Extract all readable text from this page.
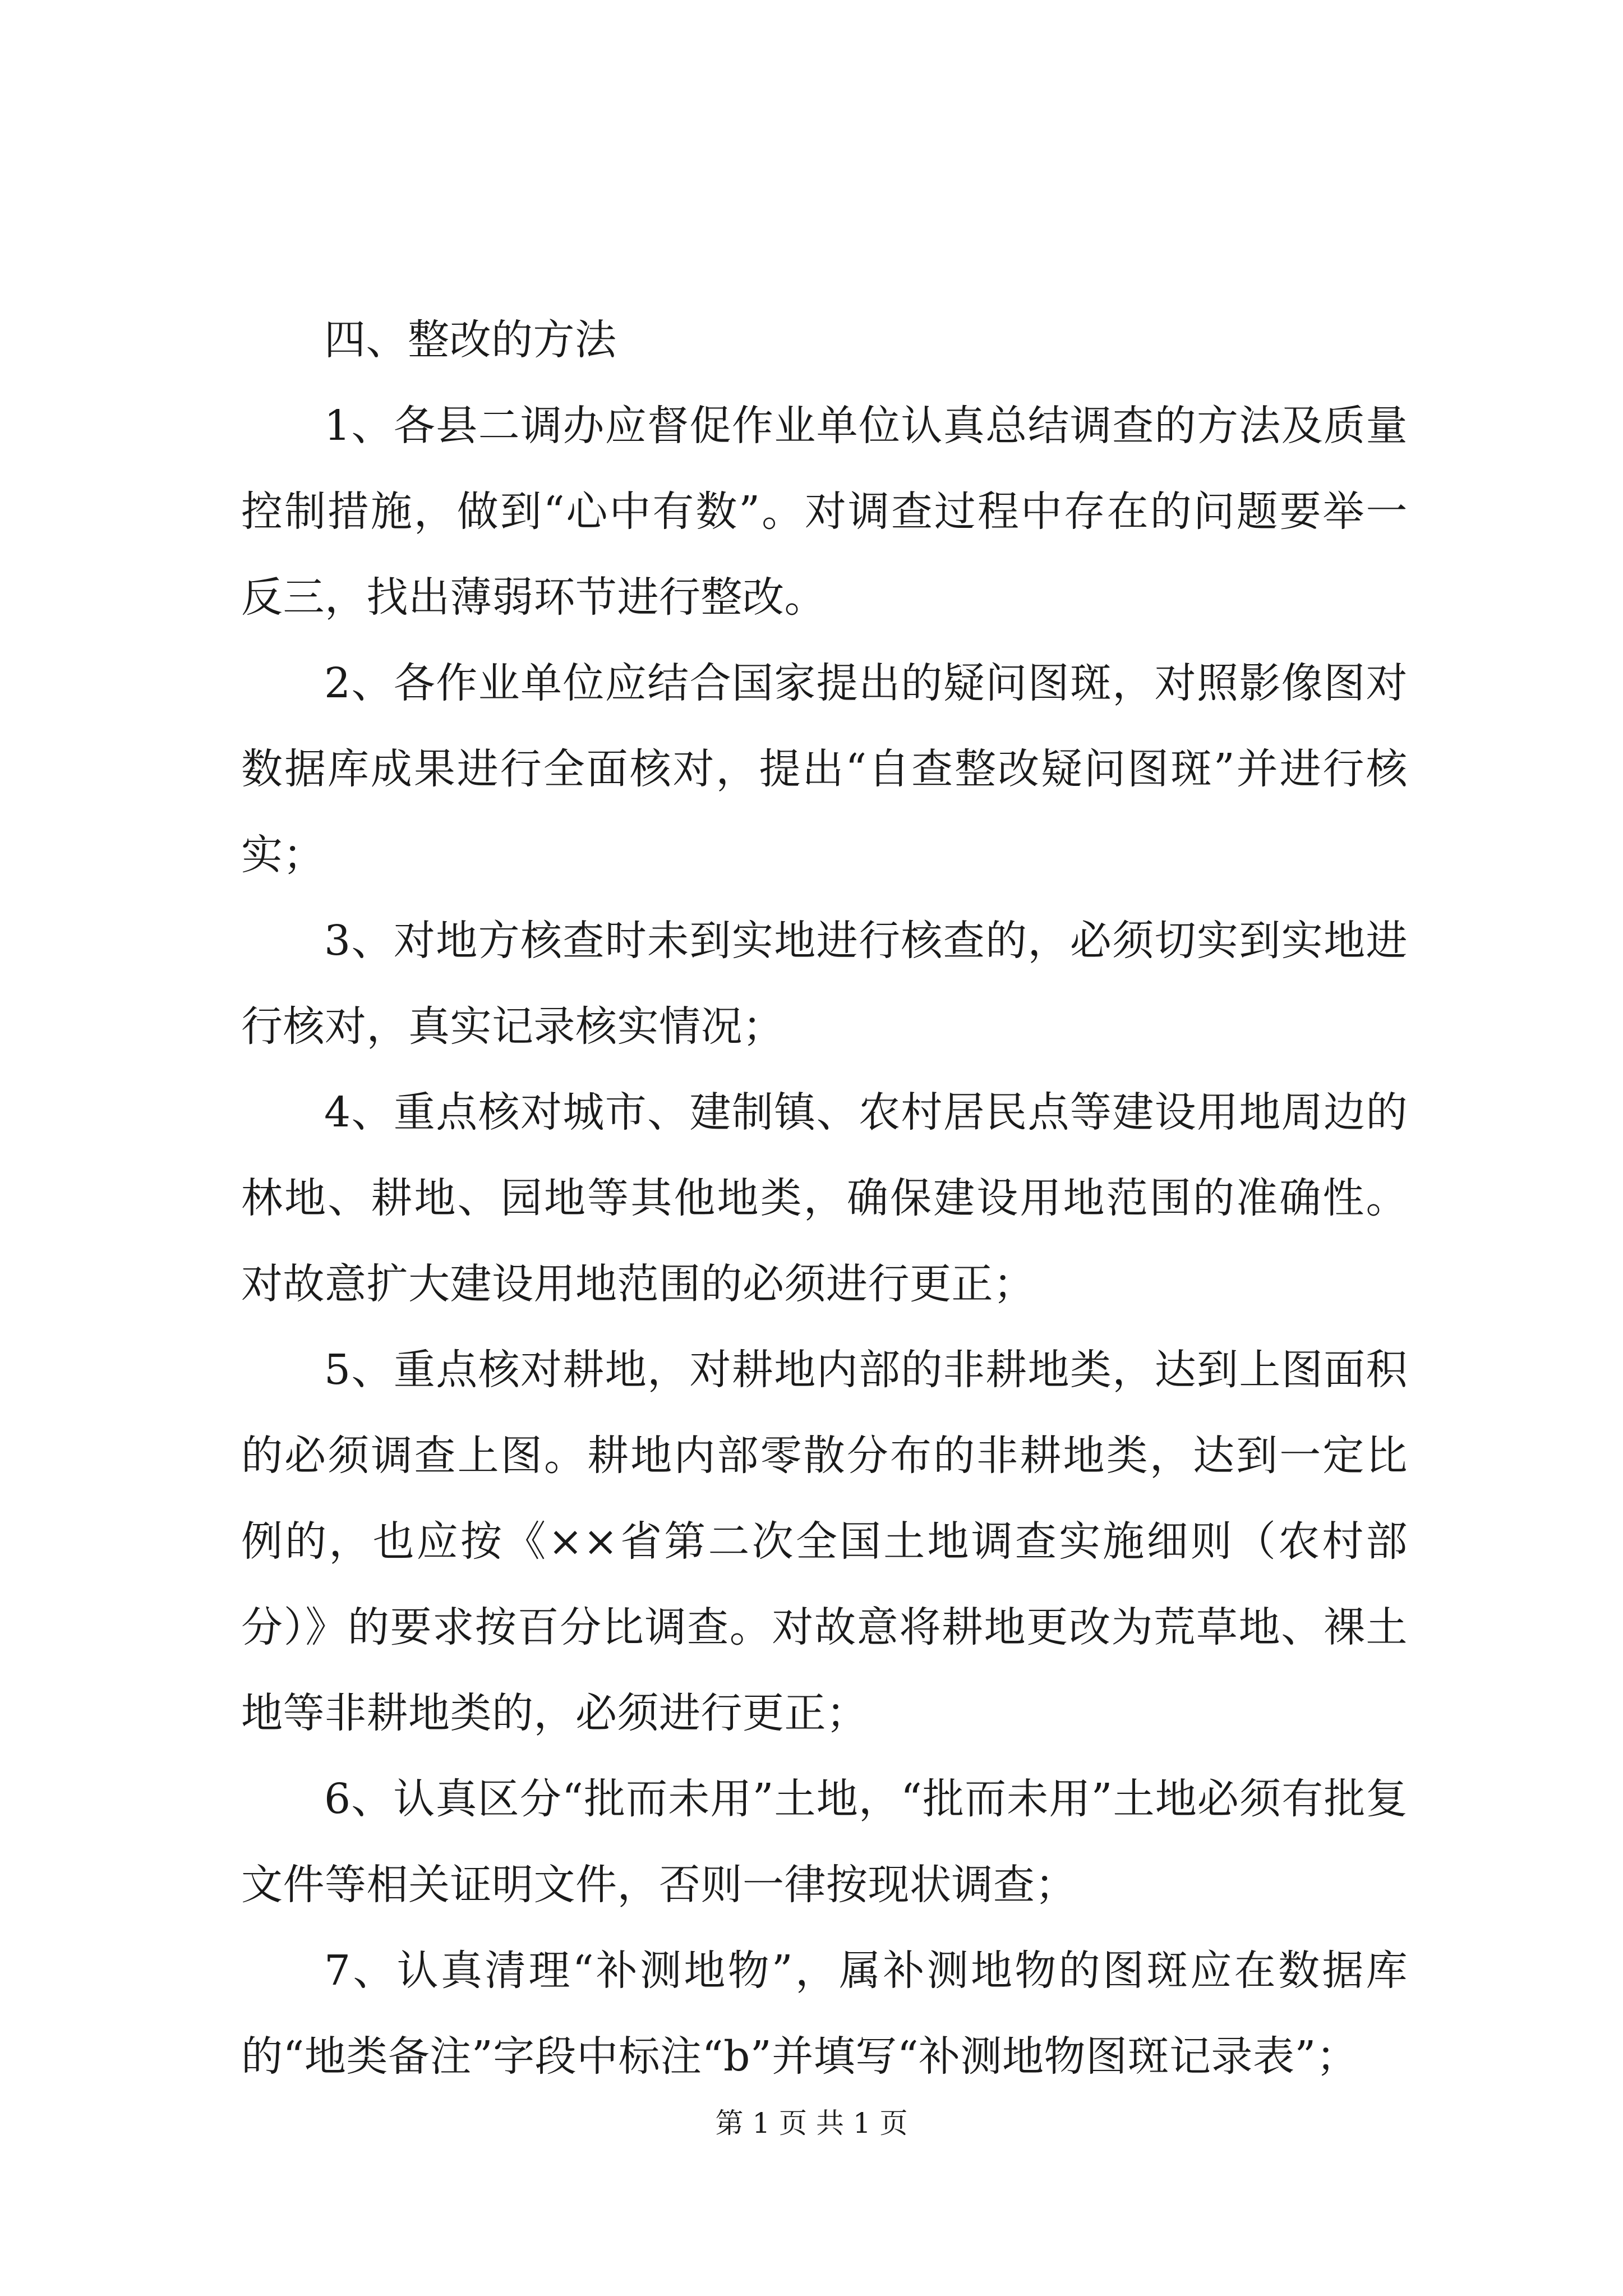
四、整改的方法

1、各县二调办应督促作业单位认真总结调查的方法及质量控制措施，做到“心中有数”。对调查过程中存在的问题要举一反三，找出薄弱环节进行整改。

2、各作业单位应结合国家提出的疑问图斑，对照影像图对数据库成果进行全面核对，提出“自查整改疑问图斑”并进行核实；

3、对地方核查时未到实地进行核查的，必须切实到实地进行核对，真实记录核实情况；

4、重点核对城市、建制镇、农村居民点等建设用地周边的林地、耕地、园地等其他地类，确保建设用地范围的准确性。对故意扩大建设用地范围的必须进行更正；

5、重点核对耕地，对耕地内部的非耕地类，达到上图面积的必须调查上图。耕地内部零散分布的非耕地类，达到一定比例的，也应按《××省第二次全国土地调查实施细则（农村部分）》的要求按百分比调查。对故意将耕地更改为荒草地、裸土地等非耕地类的，必须进行更正；

6、认真区分“批而未用”土地，“批而未用”土地必须有批复文件等相关证明文件，否则一律按现状调查；

7、认真清理“补测地物”，属补测地物的图斑应在数据库的“地类备注”字段中标注“b”并填写“补测地物图斑记录表”；

第 1 页 共 1 页
